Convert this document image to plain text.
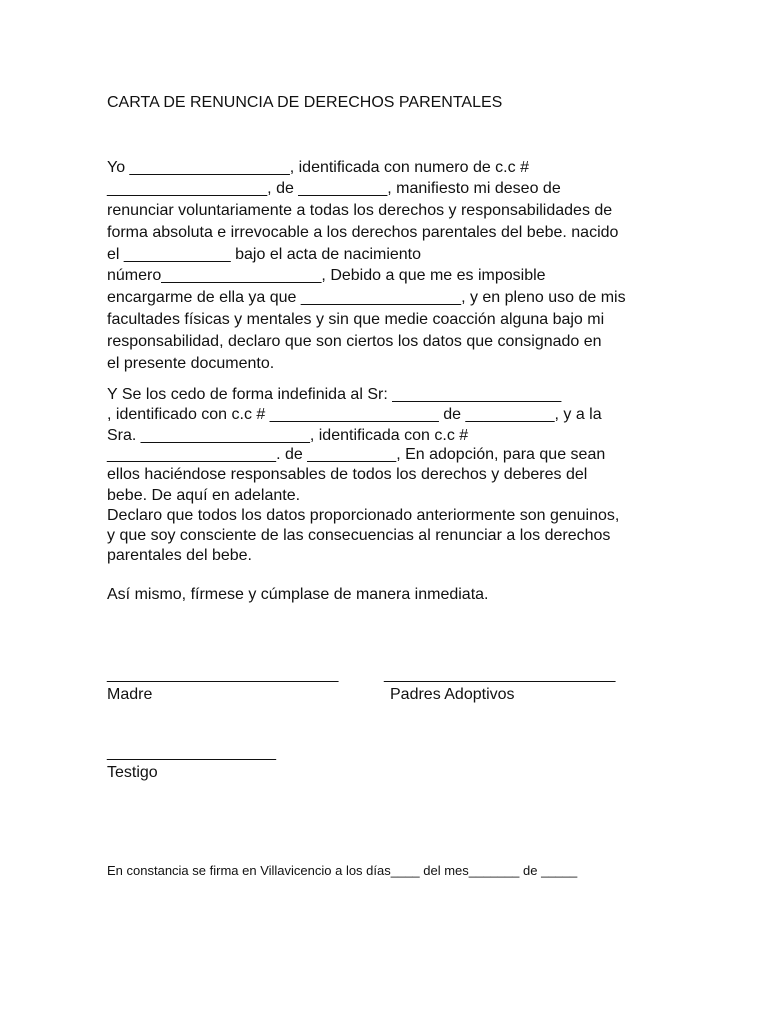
CARTA DE RENUNCIA DE DERECHOS PARENTALES
Yo __________________, identificada con numero de c.c #
__________________, de __________, manifiesto mi deseo de
renunciar voluntariamente a todas los derechos y responsabilidades de
forma absoluta e irrevocable a los derechos parentales del bebe. nacido
el ____________ bajo el acta de nacimiento
número__________________, Debido a que me es imposible
encargarme de ella ya que __________________, y en pleno uso de mis
facultades físicas y mentales y sin que medie coacción alguna bajo mi
responsabilidad, declaro que son ciertos los datos que consignado en
el presente documento.
Y Se los cedo de forma indefinida al Sr: ___________________
, identificado con c.c # ___________________ de __________, y a la
Sra. ___________________, identificada con c.c #
___________________. de __________, En adopción, para que sean
ellos haciéndose responsables de todos los derechos y deberes del
bebe. De aquí en adelante.
Declaro que todos los datos proporcionado anteriormente son genuinos,
y que soy consciente de las consecuencias al renunciar a los derechos
parentales del bebe.
Así mismo, fírmese y cúmplase de manera inmediata.
__________________________
Madre
__________________________
Padres Adoptivos
___________________
Testigo
En constancia se firma en Villavicencio a los días____ del mes_______ de _____
